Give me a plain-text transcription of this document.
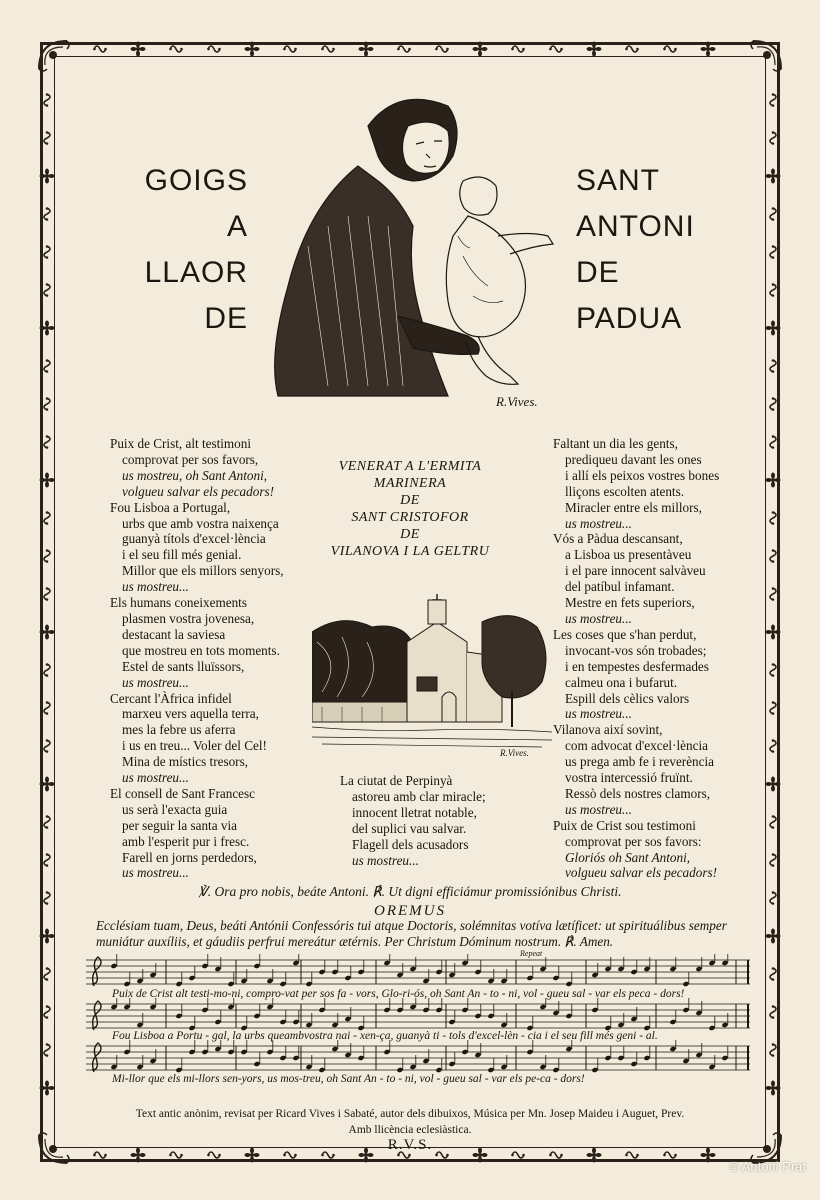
R.Vives.
Puix de Crist, alt testimoni
comprovat per sos favors,
us mostreu, oh Sant Antoni,
volgueu salvar els pecadors!
Fou Lisboa a Portugal,
urbs que amb vostra naixença
guanyà títols d'excel·lència
i el seu fill més genial.
Millor que els millors senyors,
us mostreu...
Els humans coneixements
plasmen vostra jovenesa,
destacant la saviesa
que mostreu en tots moments.
Estel de sants lluïssors,
us mostreu...
Cercant l'Àfrica infidel
marxeu vers aquella terra,
mes la febre us aferra
i us en treu... Voler del Cel!
Mina de místics tresors,
us mostreu...
El consell de Sant Francesc
us serà l'exacta guia
per seguir la santa via
amb l'esperit pur i fresc.
Farell en jorns perdedors,
us mostreu...
La ciutat de Perpinyà
astoreu amb clar miracle;
innocent lletrat notable,
del suplici vau salvar.
Flagell dels acusadors
us mostreu...
Faltant un dia les gents,
prediqueu davant les ones
i allí els peixos vostres bones
lliçons escolten atents.
Miracler entre els millors,
us mostreu...
Vós a Pàdua descansant,
a Lisboa us presentàveu
i el pare innocent salvàveu
del patíbul infamant.
Mestre en fets superiors,
us mostreu...
Les coses que s'han perdut,
invocant-vos són trobades;
i en tempestes desfermades
calmeu ona i bufarut.
Espill dels cèlics valors
us mostreu...
Vilanova així sovint,
com advocat d'excel·lència
us prega amb fe i reverència
vostra intercessió fruïnt.
Ressò dels nostres clamors,
us mostreu...
Puix de Crist sou testimoni
comprovat per sos favors:
Gloriós oh Sant Antoni,
volgueu salvar els pecadors!
VENERAT A L'ERMITA
MARINERA
DE
SANT CRISTOFOR
DE
VILANOVA I LA GELTRU
R.Vives.
℣. Ora pro nobis, beáte Antoni. ℟. Ut digni efficiámur promissiónibus Christi.
OREMUS
Ecclésiam tuam, Deus, beáti Antónii Confessóris tui atque Doctoris, solémnitas votíva lætíficet: ut spirituálibus semper muniátur auxíliis, et gáudiis perfrui mereátur ætérnis. Per Christum Dóminum nostrum. ℟. Amen.
Puix de Crist alt testi-mo-ni, compro-vat per sos fa - vors, Glo-ri-ós, oh Sant An - to - ni, vol - gueu sal - var els peca - dors!
Fou Lisboa a Portu - gal, la urbs queambvostra nai - xen-ça, guanyà ti - tols d'excel-lèn - cia i el seu fill més geni - al.
Mi-llor que els mi-llors sen-yors, us mos-treu, oh Sant An - to - ni, vol - gueu sal - var els pe-ca - dors!
Repeat
Text antic anònim, revisat per Ricard Vives i Sabaté, autor dels dibuixos, Música per Mn. Josep Maideu i Auguet, Prev.
Amb llicència eclesiàstica.
R.V.S.
© Antoni Prat
GOIGS
A
LLAOR
DE
SANT
ANTONI
DE
PADUA
